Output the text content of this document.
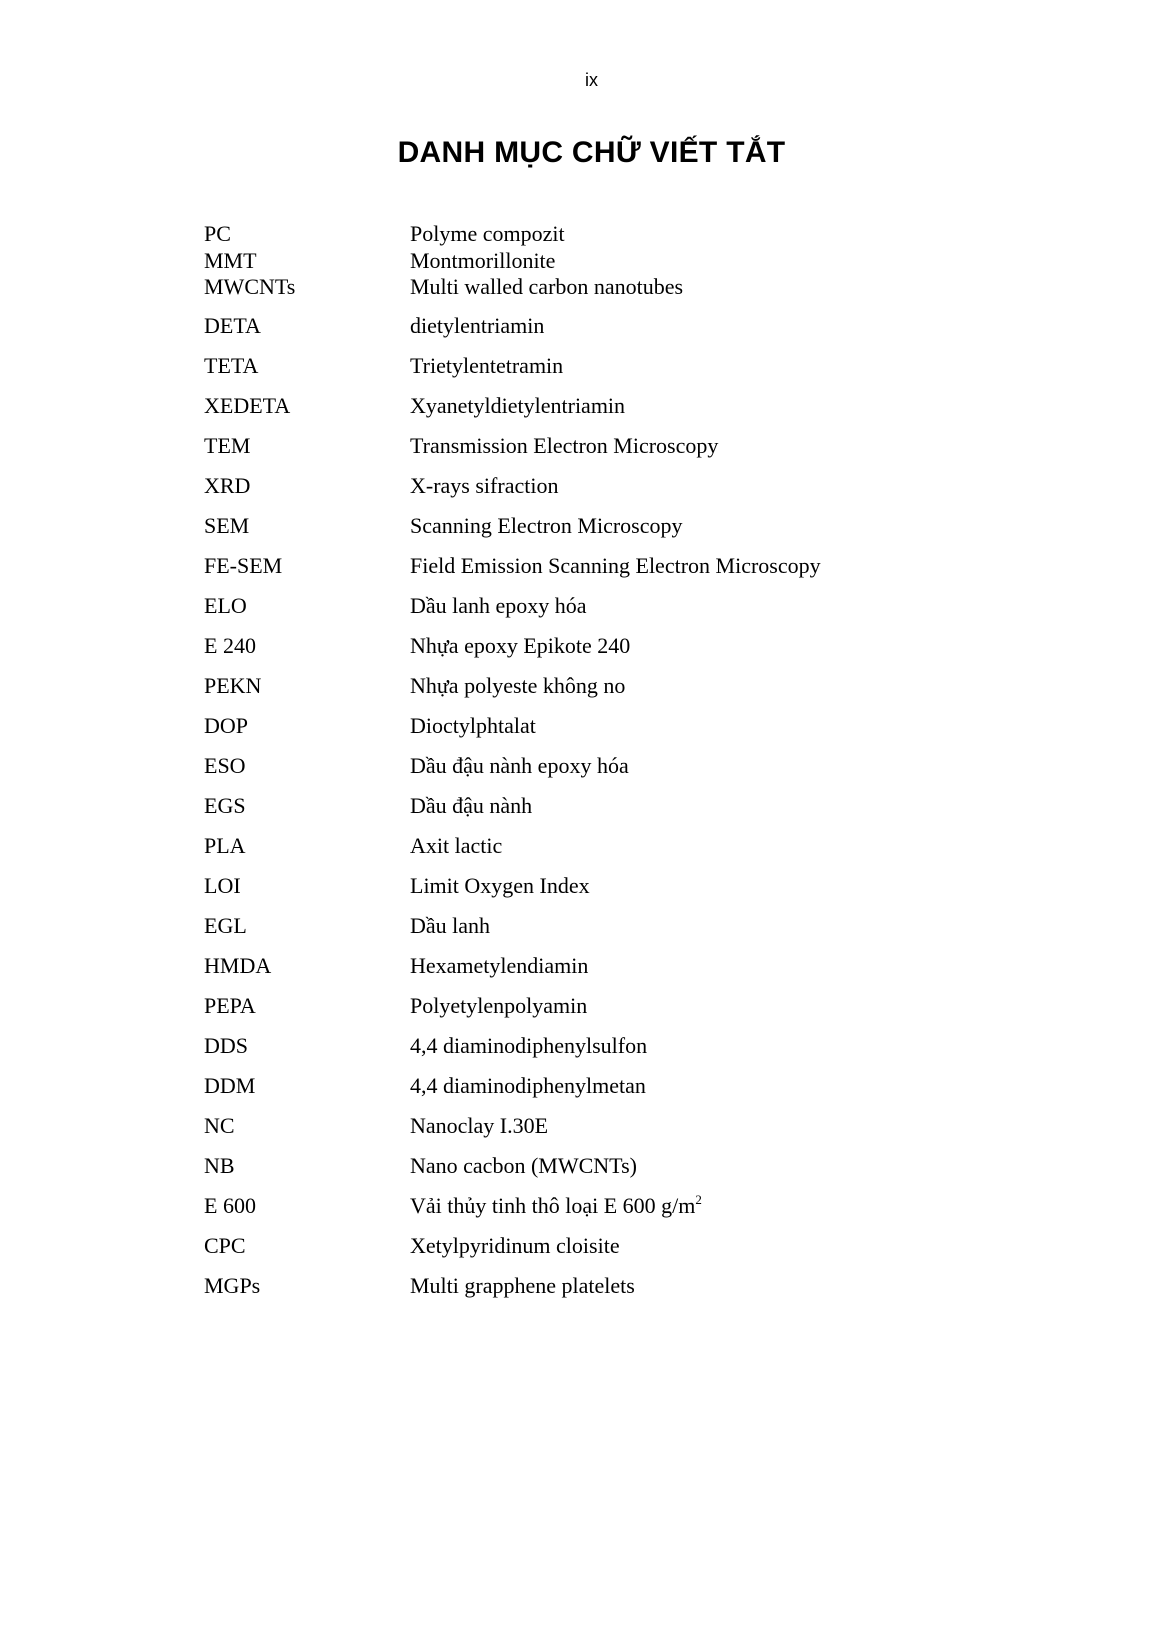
ix
DANH MỤC CHỮ VIẾT TẮT
PC	Polyme compozit
MMT	Montmorillonite
MWCNTs	Multi walled carbon nanotubes
DETA	dietylentriamin
TETA	Trietylentetramin
XEDETA	Xyanetyldietylentriamin
TEM	Transmission Electron Microscopy
XRD	X-rays sifraction
SEM	Scanning Electron Microscopy
FE-SEM	Field Emission Scanning Electron Microscopy
ELO	Dầu lanh epoxy hóa
E 240	Nhựa epoxy Epikote 240
PEKN	Nhựa polyeste không no
DOP	Dioctylphtalat
ESO	Dầu đậu nành epoxy hóa
EGS	Dầu đậu nành
PLA	Axit lactic
LOI	Limit Oxygen Index
EGL	Dầu lanh
HMDA	Hexametylendiamin
PEPA	Polyetylenpolyamin
DDS	4,4 diaminodiphenylsulfon
DDM	4,4 diaminodiphenylmetan
NC	Nanoclay I.30E
NB	Nano cacbon (MWCNTs)
E 600	Vải thủy tinh thô loại E 600 $g/m^2$
CPC	Xetylpyridinum cloisite
MGPs	Multi grapphene platelets
